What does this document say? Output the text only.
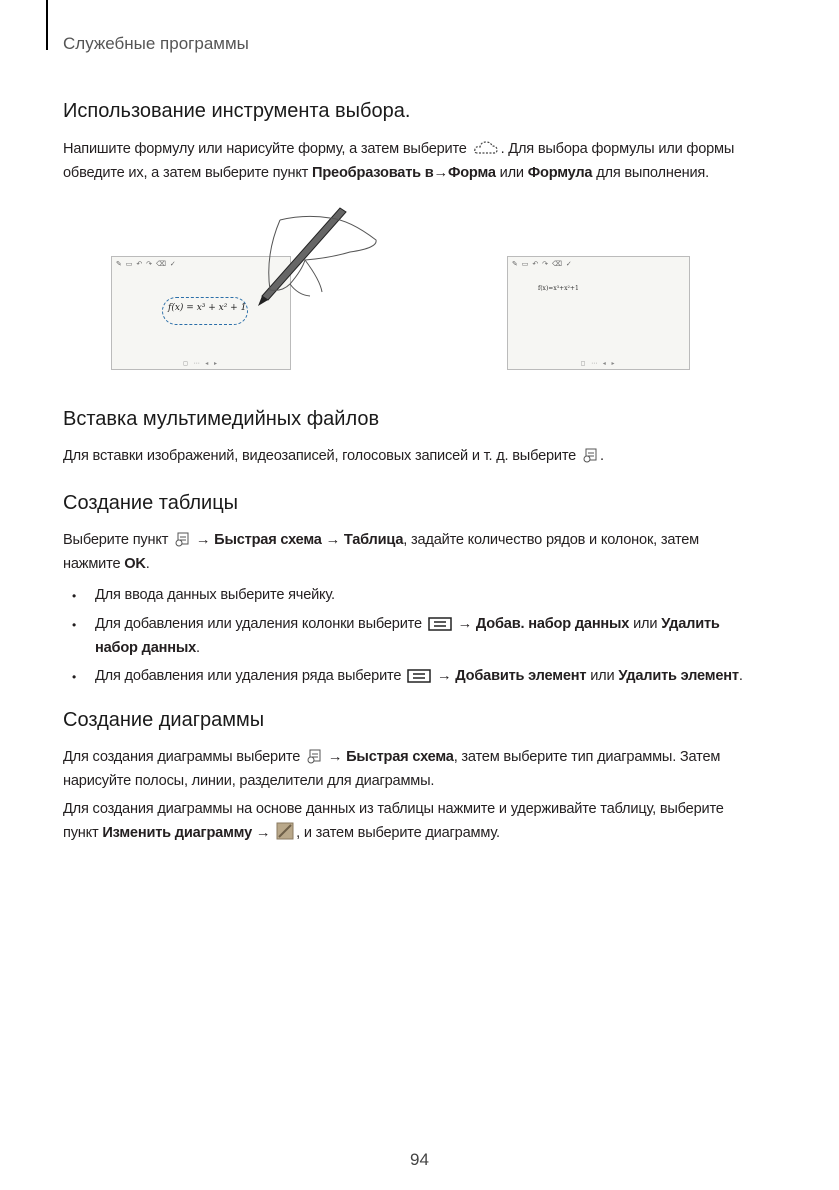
Служебные программы
Использование инструмента выбора.
Напишите формулу или нарисуйте форму, а затем выберите . Для выбора формулы или формы
обведите их, а затем выберите пункт Преобразовать в→Форма или Формула для выполнения.
✎ ▭ ↶ ↷ ⌫ ✓
f(x) = x³ + x² + 1
◻ ⋯ ◂ ▸
✎ ▭ ↶ ↷ ⌫ ✓
f(x)=x³+x²+1
◻ ⋯ ◂ ▸
Вставка мультимедийных файлов
Для вставки изображений, видеозаписей, голосовых записей и т. д. выберите .
Создание таблицы
Выберите пункт → Быстрая схема → Таблица, задайте количество рядов и колонок, затем
нажмите OK.
• Для ввода данных выберите ячейку.
• Для добавления или удаления колонки выберите → Добав. набор данных или Удалить
набор данных.
• Для добавления или удаления ряда выберите → Добавить элемент или Удалить элемент.
Создание диаграммы
Для создания диаграммы выберите → Быстрая схема, затем выберите тип диаграммы. Затем
нарисуйте полосы, линии, разделители для диаграммы.
Для создания диаграммы на основе данных из таблицы нажмите и удерживайте таблицу, выберите
пункт Изменить диаграмму → , и затем выберите диаграмму.
94
